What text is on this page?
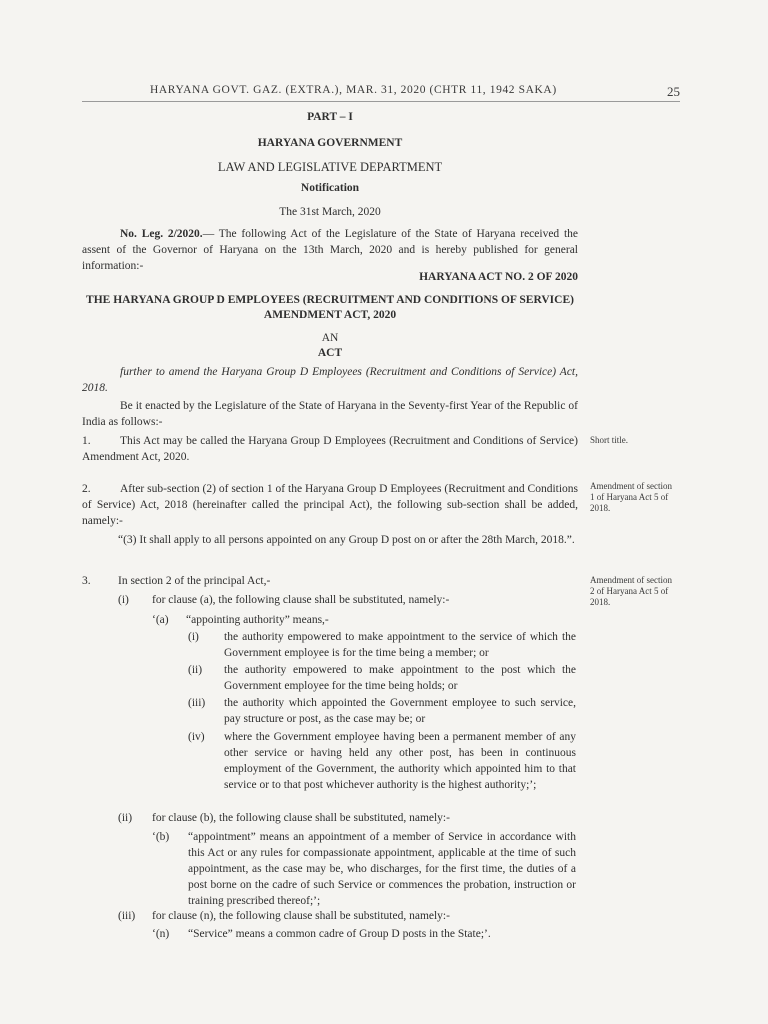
HARYANA GOVT. GAZ. (EXTRA.), MAR. 31, 2020 (CHTR 11, 1942 SAKA)	25
PART – I
HARYANA GOVERNMENT
LAW AND LEGISLATIVE DEPARTMENT
Notification
The 31st March, 2020
No. Leg. 2/2020.— The following Act of the Legislature of the State of Haryana received the assent of the Governor of Haryana on the 13th March, 2020 and is hereby published for general information:-
HARYANA ACT NO. 2 OF 2020
THE HARYANA GROUP D EMPLOYEES (RECRUITMENT AND CONDITIONS OF SERVICE) AMENDMENT ACT, 2020
AN
ACT
further to amend the Haryana Group D Employees (Recruitment and Conditions of Service) Act, 2018.
Be it enacted by the Legislature of the State of Haryana in the Seventy-first Year of the Republic of India as follows:-
1.	This Act may be called the Haryana Group D Employees (Recruitment and Conditions of Service) Amendment Act, 2020.
Short title.
2.	After sub-section (2) of section 1 of the Haryana Group D Employees (Recruitment and Conditions of Service) Act, 2018 (hereinafter called the principal Act), the following sub-section shall be added, namely:-
Amendment of section 1 of Haryana Act 5 of 2018.
“(3) It shall apply to all persons appointed on any Group D post on or after the 28th March, 2018.”.
3. In section 2 of the principal Act,-	Amendment of section 2 of Haryana Act 5 of 2018.
(i) for clause (a), the following clause shall be substituted, namely:-
‘(a) “appointing authority” means,-
(i) the authority empowered to make appointment to the service of which the Government employee is for the time being a member; or
(ii) the authority empowered to make appointment to the post which the Government employee for the time being holds; or
(iii) the authority which appointed the Government employee to such service, pay structure or post, as the case may be; or
(iv) where the Government employee having been a permanent member of any other service or having held any other post, has been in continuous employment of the Government, the authority which appointed him to that service or to that post whichever authority is the highest authority;’;
(ii) for clause (b), the following clause shall be substituted, namely:-
‘(b) “appointment” means an appointment of a member of Service in accordance with this Act or any rules for compassionate appointment, applicable at the time of such appointment, as the case may be, who discharges, for the first time, the duties of a post borne on the cadre of such Service or commences the probation, instruction or training prescribed thereof;’;
(iii) for clause (n), the following clause shall be substituted, namely:-
‘(n) “Service” means a common cadre of Group D posts in the State;’.
